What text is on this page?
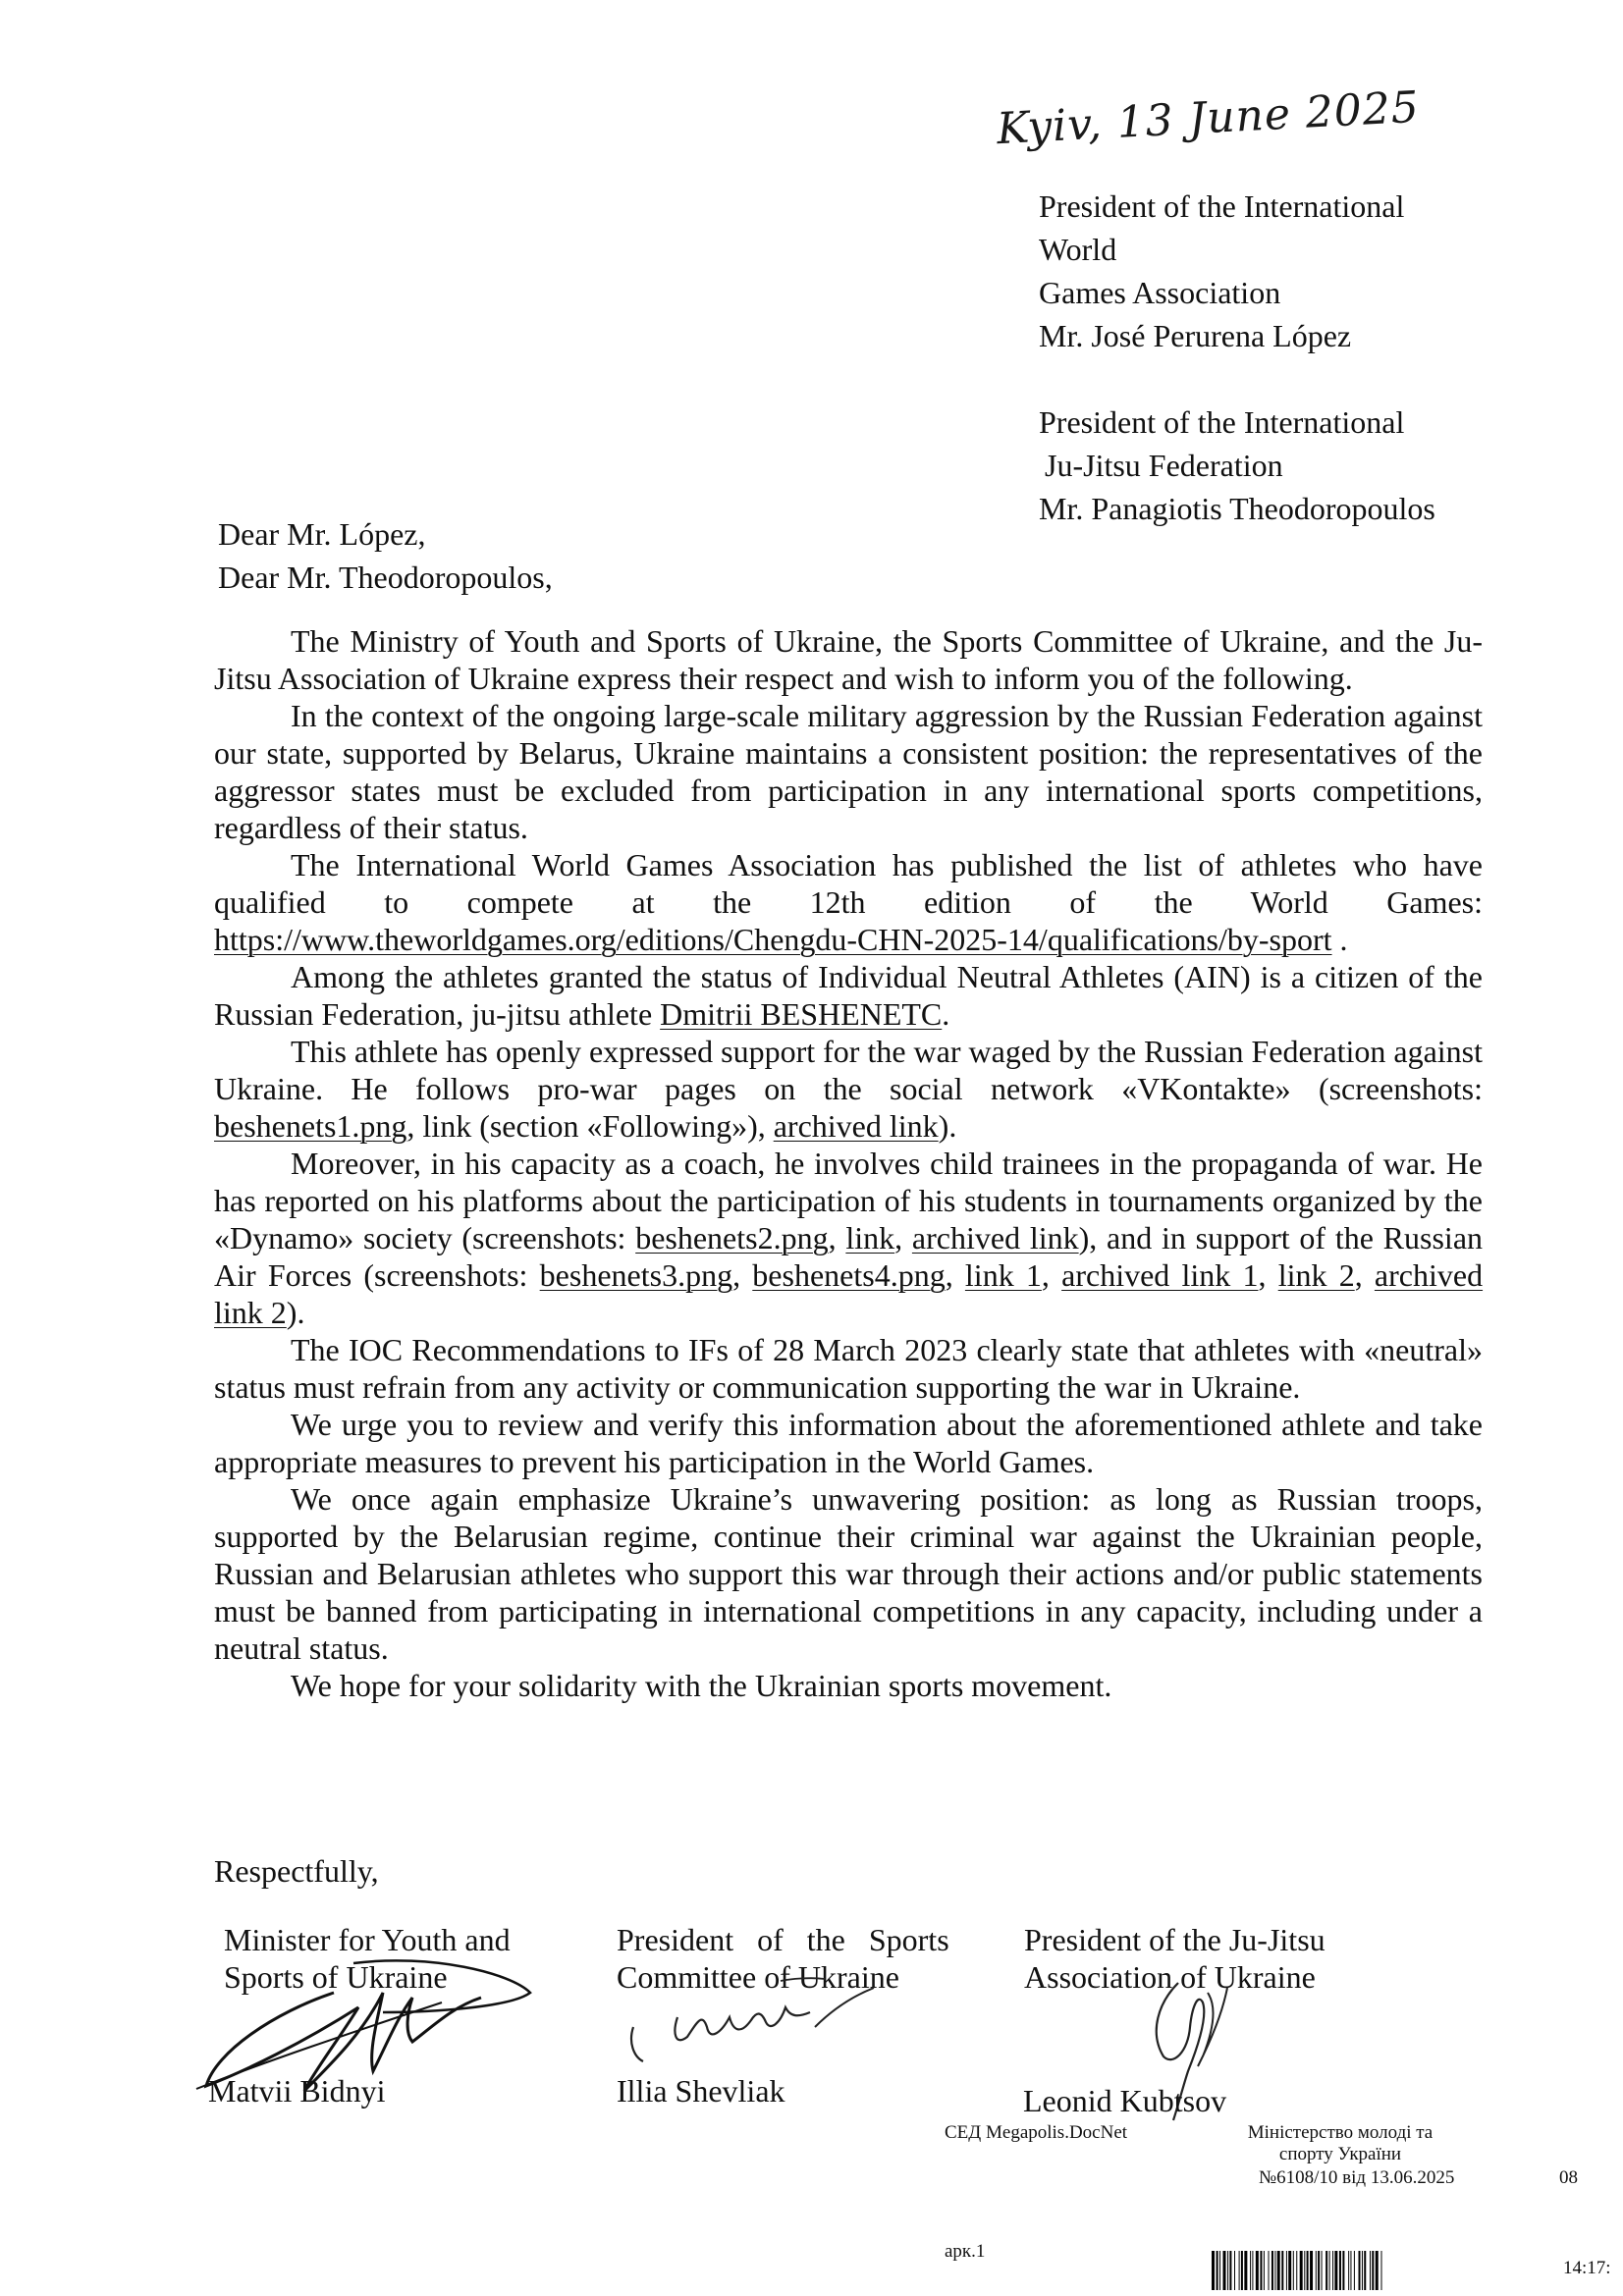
Kyiv, 13 June 2025
President of the International
World
Games Association
Mr. José Perurena López
President of the International
Ju-Jitsu Federation
Mr. Panagiotis Theodoropoulos
Dear Mr. López,
Dear Mr. Theodoropoulos,

The Ministry of Youth and Sports of Ukraine, the Sports Committee of Ukraine, and the Ju-Jitsu Association of Ukraine express their respect and wish to inform you of the following.

In the context of the ongoing large-scale military aggression by the Russian Federation against our state, supported by Belarus, Ukraine maintains a consistent position: the representatives of the aggressor states must be excluded from participation in any international sports competitions, regardless of their status.

The International World Games Association has published the list of athletes who have qualified to compete at the 12th edition of the World Games: https://www.theworldgames.org/editions/Chengdu-CHN-2025-14/qualifications/by-sport .

Among the athletes granted the status of Individual Neutral Athletes (AIN) is a citizen of the Russian Federation, ju-jitsu athlete Dmitrii BESHENETC.

This athlete has openly expressed support for the war waged by the Russian Federation against Ukraine. He follows pro-war pages on the social network «VKontakte» (screenshots: beshenets1.png, link (section «Following»), archived link).

Moreover, in his capacity as a coach, he involves child trainees in the propaganda of war. He has reported on his platforms about the participation of his students in tournaments organized by the «Dynamo» society (screenshots: beshenets2.png, link, archived link), and in support of the Russian Air Forces (screenshots: beshenets3.png, beshenets4.png, link 1, archived link 1, link 2, archived link 2).

The IOC Recommendations to IFs of 28 March 2023 clearly state that athletes with «neutral» status must refrain from any activity or communication supporting the war in Ukraine.

We urge you to review and verify this information about the aforementioned athlete and take appropriate measures to prevent his participation in the World Games.

We once again emphasize Ukraine’s unwavering position: as long as Russian troops, supported by the Belarusian regime, continue their criminal war against the Ukrainian people, Russian and Belarusian athletes who support this war through their actions and/or public statements must be banned from participating in international competitions in any capacity, including under a neutral status.

We hope for your solidarity with the Ukrainian sports movement.

Respectfully,
Minister for Youth and
Sports of Ukraine
Matvii Bidnyi
President of the Sports
Committee of Ukraine
Illia Shevliak
President of the Ju-Jitsu
Association of Ukraine
Leonid Kubtsov
СЕД Megapolis.DocNet	Міністерство молоді та
спорту України
№6108/10 від 13.06.2025	08
арк.1
14:17:
